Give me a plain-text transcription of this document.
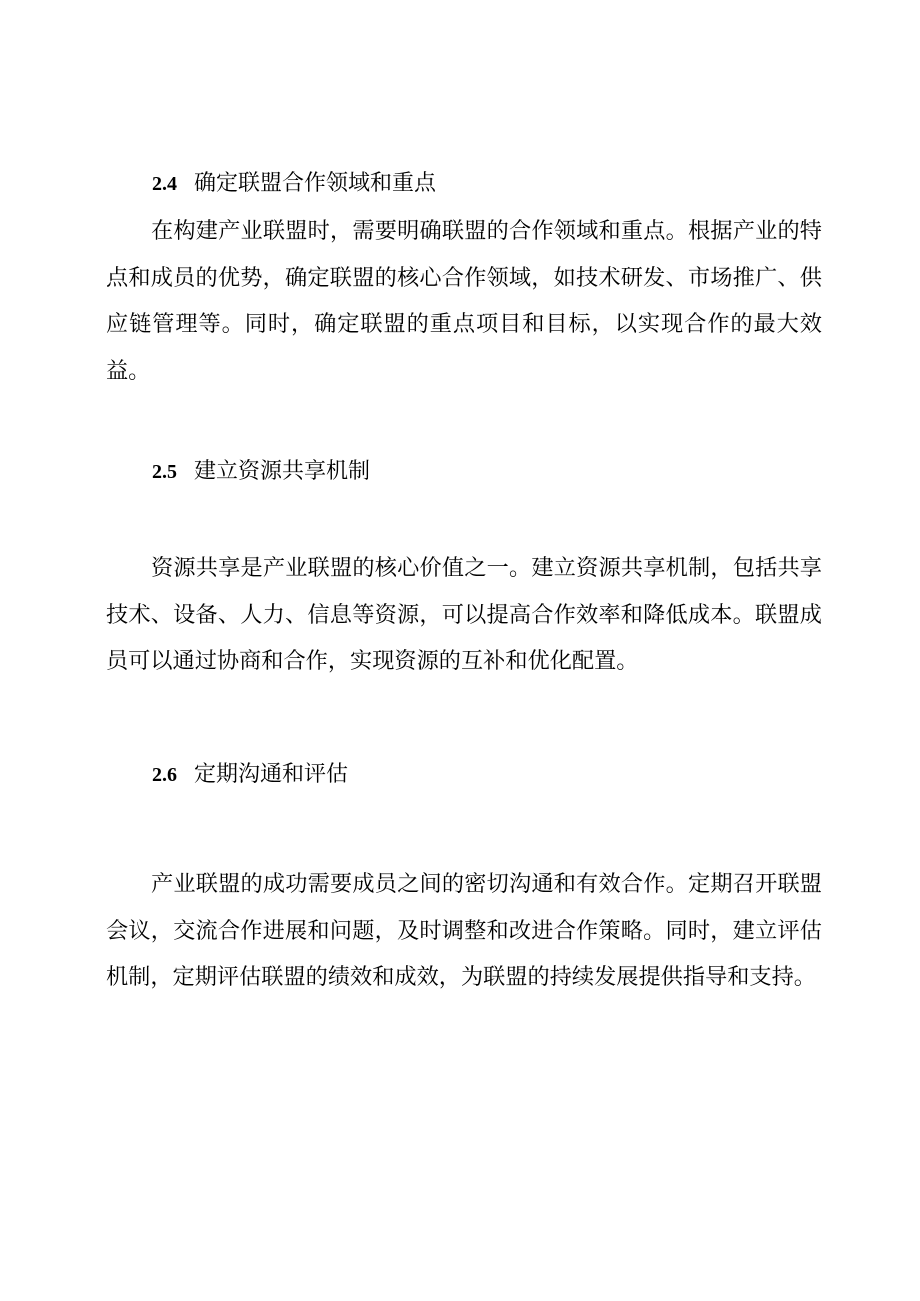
2.4 确定联盟合作领域和重点

在构建产业联盟时，需要明确联盟的合作领域和重点。根据产业的特点和成员的优势，确定联盟的核心合作领域，如技术研发、市场推广、供应链管理等。同时，确定联盟的重点项目和目标，以实现合作的最大效益。

2.5 建立资源共享机制

资源共享是产业联盟的核心价值之一。建立资源共享机制，包括共享技术、设备、人力、信息等资源，可以提高合作效率和降低成本。联盟成员可以通过协商和合作，实现资源的互补和优化配置。

2.6 定期沟通和评估

产业联盟的成功需要成员之间的密切沟通和有效合作。定期召开联盟会议，交流合作进展和问题，及时调整和改进合作策略。同时，建立评估机制，定期评估联盟的绩效和成效，为联盟的持续发展提供指导和支持。
